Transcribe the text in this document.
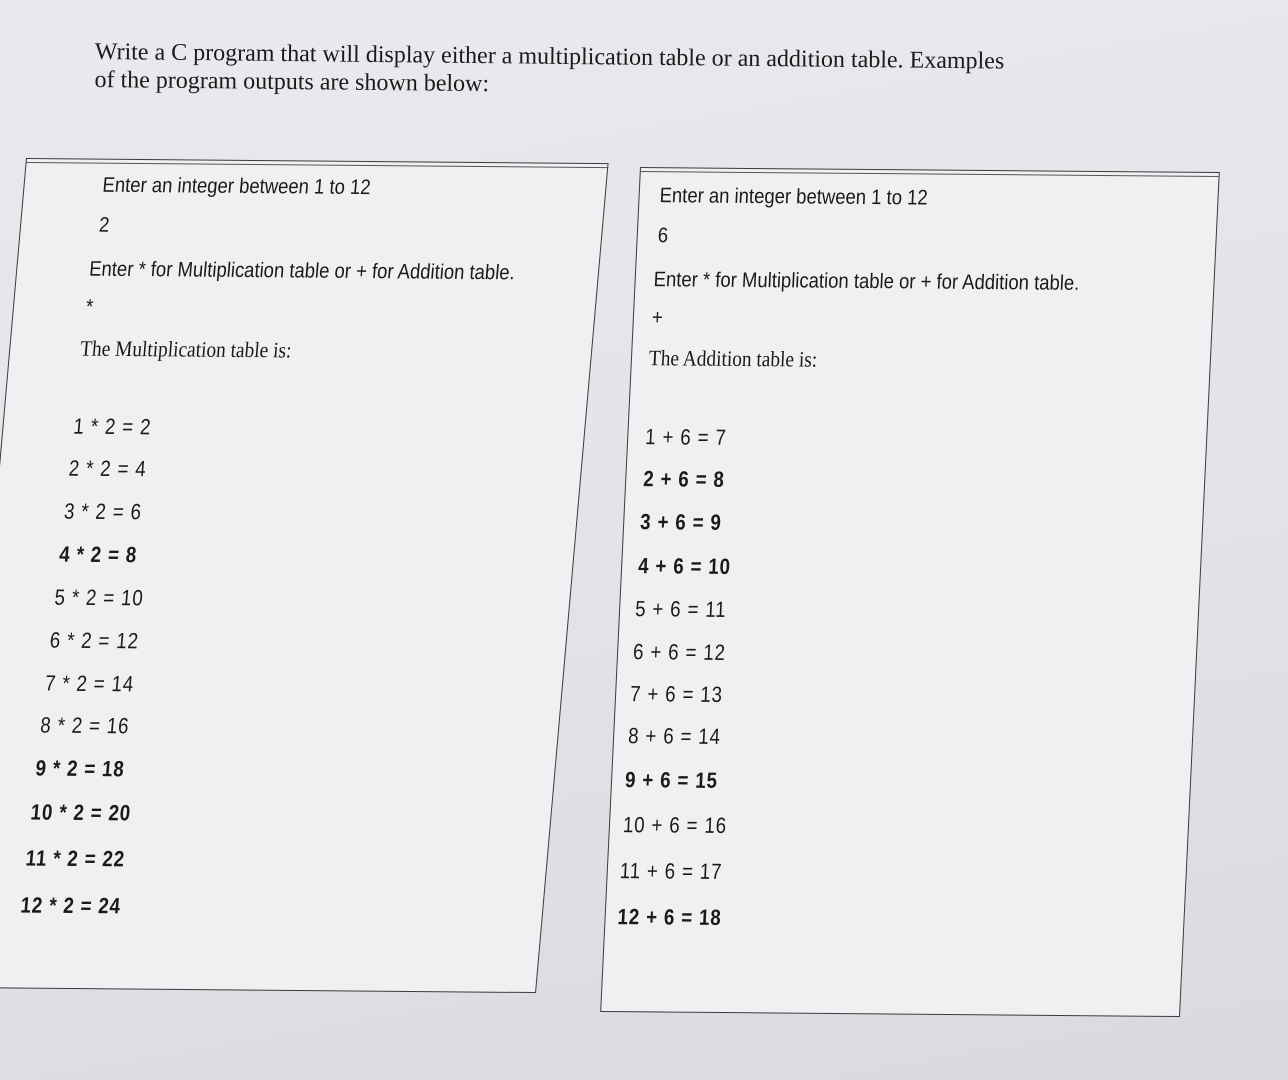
Write a C program that will display either a multiplication table or an addition table. Examples
of the program outputs are shown below:
Enter an integer between 1 to 12
2
Enter * for Multiplication table or + for Addition table.
*
The Multiplication table is:
1 * 2 = 2
2 * 2 = 4
3 * 2 = 6
4 * 2 = 8
5 * 2 = 10
6 * 2 = 12
7 * 2 = 14
8 * 2 = 16
9 * 2 = 18
10 * 2 = 20
11 * 2 = 22
12 * 2 = 24
Enter an integer between 1 to 12
6
Enter * for Multiplication table or + for Addition table.
+
The Addition table is:
1 + 6 = 7
2 + 6 = 8
3 + 6 = 9
4 + 6 = 10
5 + 6 = 11
6 + 6 = 12
7 + 6 = 13
8 + 6 = 14
9 + 6 = 15
10 + 6 = 16
11 + 6 = 17
12 + 6 = 18
